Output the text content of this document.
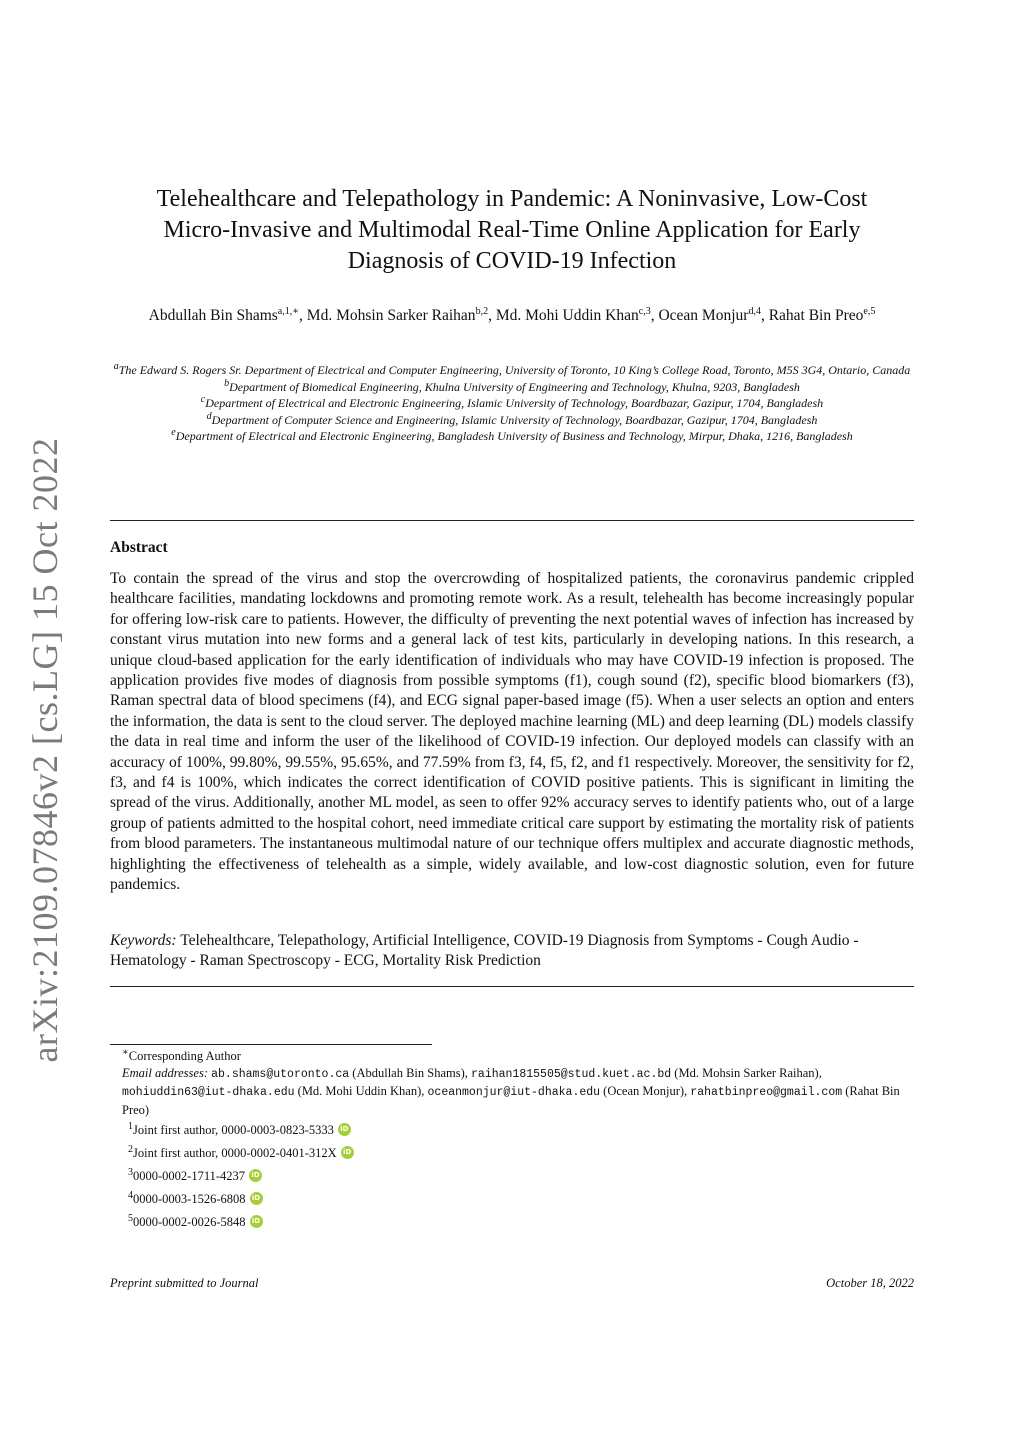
arXiv:2109.07846v2 [cs.LG] 15 Oct 2022
Telehealthcare and Telepathology in Pandemic: A Noninvasive, Low-Cost
Micro-Invasive and Multimodal Real-Time Online Application for Early
Diagnosis of COVID-19 Infection
Abdullah Bin Shams$^{a,1,∗}$, Md. Mohsin Sarker Raihan$^{b,2}$, Md. Mohi Uddin Khan$^{c,3}$, Ocean Monjur$^{d,4}$, Rahat Bin Preo$^{e,5}$

$^a$The Edward S. Rogers Sr. Department of Electrical and Computer Engineering, University of Toronto, 10 King’s College Road, Toronto, M5S 3G4, Ontario, Canada

$^b$Department of Biomedical Engineering, Khulna University of Engineering and Technology, Khulna, 9203, Bangladesh

$^c$Department of Electrical and Electronic Engineering, Islamic University of Technology, Boardbazar, Gazipur, 1704, Bangladesh

$^d$Department of Computer Science and Engineering, Islamic University of Technology, Boardbazar, Gazipur, 1704, Bangladesh

$^e$Department of Electrical and Electronic Engineering, Bangladesh University of Business and Technology, Mirpur, Dhaka, 1216, Bangladesh

Abstract
To contain the spread of the virus and stop the overcrowding of hospitalized patients, the coronavirus pandemic crippled healthcare facilities, mandating lockdowns and promoting remote work. As a result, telehealth has become increasingly popular for offering low-risk care to patients. However, the difficulty of preventing the next potential waves of infection has increased by constant virus mutation into new forms and a general lack of test kits, particularly in developing nations. In this research, a unique cloud-based application for the early identification of individuals who may have COVID-19 infection is proposed. The application provides five modes of diagnosis from possible symptoms (f1), cough sound (f2), specific blood biomarkers (f3), Raman spectral data of blood specimens (f4), and ECG signal paper-based image (f5). When a user selects an option and enters the information, the data is sent to the cloud server. The deployed machine learning (ML) and deep learning (DL) models classify the data in real time and inform the user of the likelihood of COVID-19 infection. Our deployed models can classify with an accuracy of 100%, 99.80%, 99.55%, 95.65%, and 77.59% from f3, f4, f5, f2, and f1 respectively. Moreover, the sensitivity for f2, f3, and f4 is 100%, which indicates the correct identification of COVID positive patients. This is significant in limiting the spread of the virus. Additionally, another ML model, as seen to offer 92% accuracy serves to identify patients who, out of a large group of patients admitted to the hospital cohort, need immediate critical care support by estimating the mortality risk of patients from blood parameters. The instantaneous multimodal nature of our technique offers multiplex and accurate diagnostic methods, highlighting the effectiveness of telehealth as a simple, widely available, and low-cost diagnostic solution, even for future pandemics.
Keywords: Telehealthcare, Telepathology, Artificial Intelligence, COVID-19 Diagnosis from Symptoms - Cough Audio - Hematology - Raman Spectroscopy - ECG, Mortality Risk Prediction

∗Corresponding Author

Email addresses: ab.shams@utoronto.ca (Abdullah Bin Shams), raihan1815505@stud.kuet.ac.bd (Md. Mohsin Sarker Raihan), mohiuddin63@iut-dhaka.edu (Md. Mohi Uddin Khan), oceanmonjur@iut-dhaka.edu (Ocean Monjur), rahatbinpreo@gmail.com (Rahat Bin Preo)

$^1$Joint first author, 0000-0003-0823-5333 iD

$^2$Joint first author, 0000-0002-0401-312X iD

$^3$0000-0002-1711-4237 iD

$^4$0000-0003-1526-6808 iD

$^5$0000-0002-0026-5848 iD

Preprint submitted to Journal	October 18, 2022
